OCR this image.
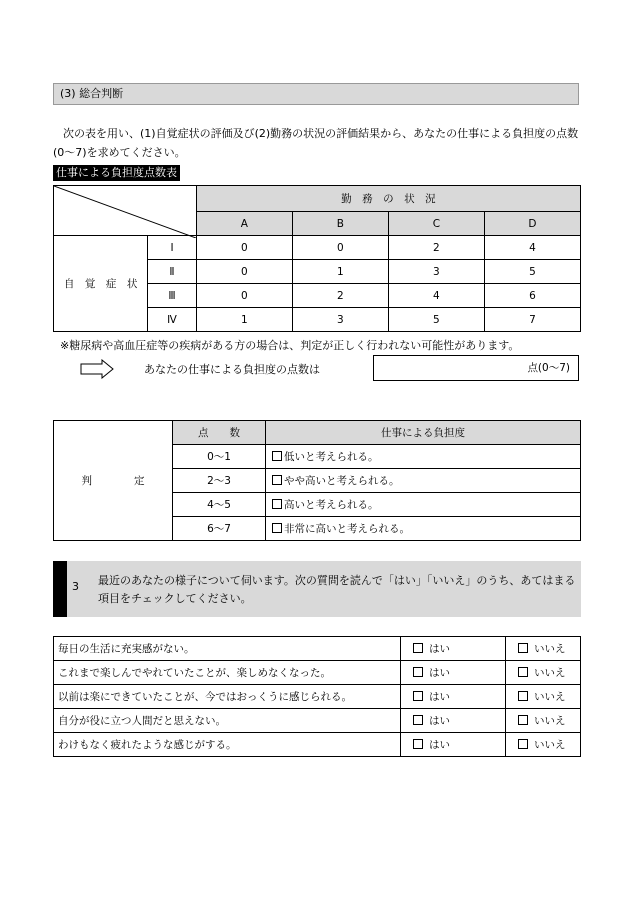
(3) 総合判断
次の表を用い、(1)自覚症状の評価及び(2)勤務の状況の評価結果から、あなたの仕事による負担度の点数(0〜7)を求めてください。
仕事による負担度点数表
	勤　務　の　状　況			
		A	B	C	D
自　覚　症　状	Ⅰ	0	0	2	4
	Ⅱ	0	1	3	5
	Ⅲ	0	2	4	6
	Ⅳ	1	3	5	7
※糖尿病や高血圧症等の疾病がある方の場合は、判定が正しく行われない可能性があります。
あなたの仕事による負担度の点数は	点(0〜7)
判　　　　定	点　　数	仕事による負担度
	0〜1	低いと考えられる。
	2〜3	やや高いと考えられる。
	4〜5	高いと考えられる。
	6〜7	非常に高いと考えられる。
3 最近のあなたの様子について伺います。次の質問を読んで「はい」「いいえ」のうち、あてはまる項目をチェックしてください。
毎日の生活に充実感がない。	はい	いいえ
これまで楽しんでやれていたことが、楽しめなくなった。	はい	いいえ
以前は楽にできていたことが、今ではおっくうに感じられる。	はい	いいえ
自分が役に立つ人間だと思えない。	はい	いいえ
わけもなく疲れたような感じがする。	はい	いいえ
